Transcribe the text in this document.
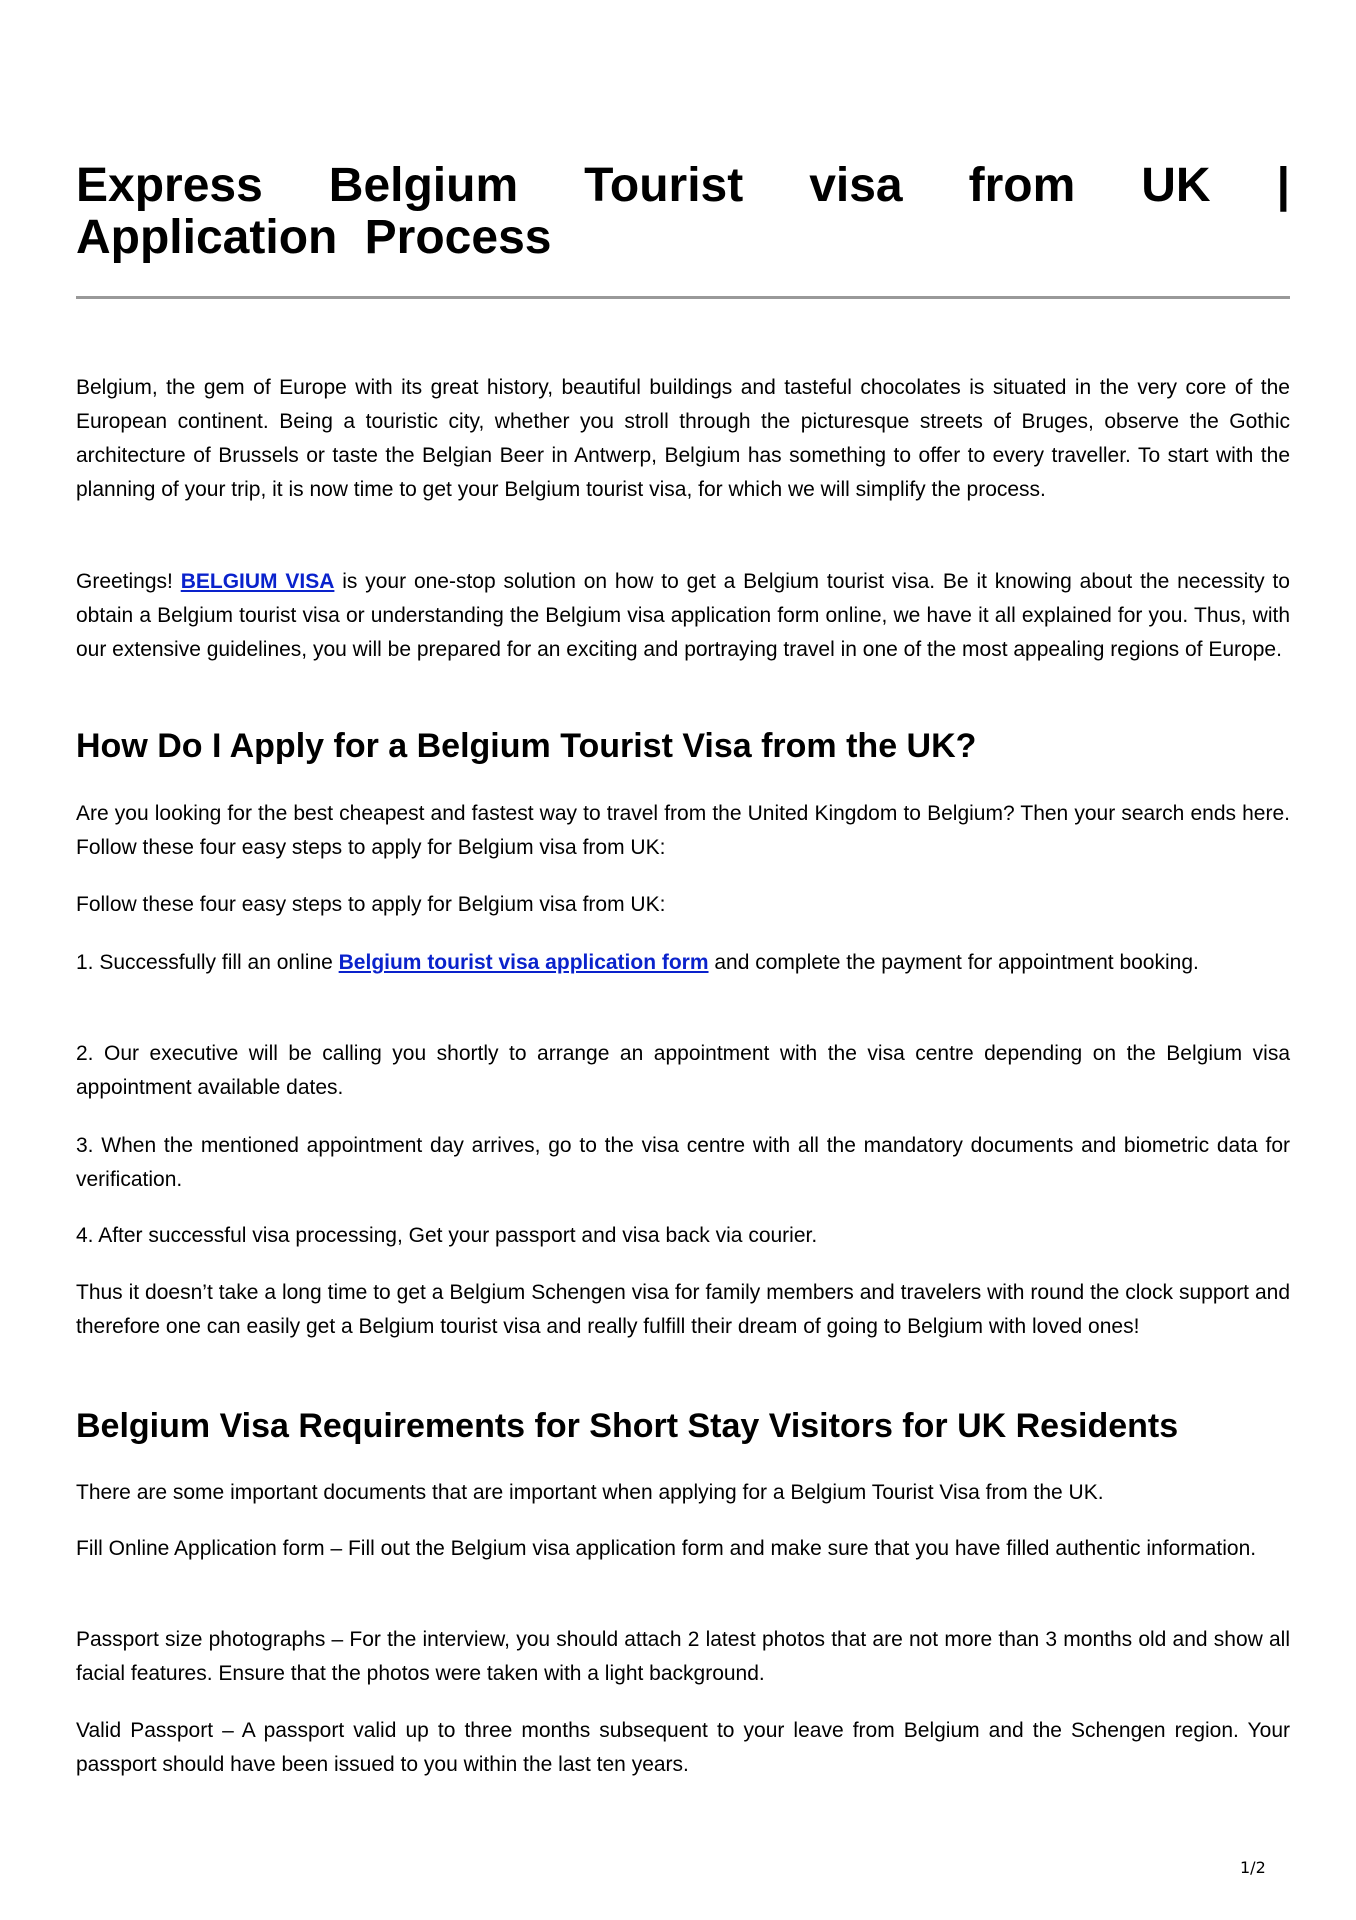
Express Belgium Tourist visa from UK | Application Process

Belgium, the gem of Europe with its great history, beautiful buildings and tasteful chocolates is situated in the very core of the European continent. Being a touristic city, whether you stroll through the picturesque streets of Bruges, observe the Gothic architecture of Brussels or taste the Belgian Beer in Antwerp, Belgium has something to offer to every traveller. To start with the planning of your trip, it is now time to get your Belgium tourist visa, for which we will simplify the process.

Greetings! BELGIUM VISA is your one-stop solution on how to get a Belgium tourist visa. Be it knowing about the necessity to obtain a Belgium tourist visa or understanding the Belgium visa application form online, we have it all explained for you. Thus, with our extensive guidelines, you will be prepared for an exciting and portraying travel in one of the most appealing regions of Europe.

How Do I Apply for a Belgium Tourist Visa from the UK?

Are you looking for the best cheapest and fastest way to travel from the United Kingdom to Belgium? Then your search ends here. Follow these four easy steps to apply for Belgium visa from UK:

Follow these four easy steps to apply for Belgium visa from UK:

1. Successfully fill an online Belgium tourist visa application form and complete the payment for appointment booking.

2. Our executive will be calling you shortly to arrange an appointment with the visa centre depending on the Belgium visa appointment available dates.

3. When the mentioned appointment day arrives, go to the visa centre with all the mandatory documents and biometric data for verification.

4. After successful visa processing, Get your passport and visa back via courier.

Thus it doesn’t take a long time to get a Belgium Schengen visa for family members and travelers with round the clock support and therefore one can easily get a Belgium tourist visa and really fulfill their dream of going to Belgium with loved ones!

Belgium Visa Requirements for Short Stay Visitors for UK Residents

There are some important documents that are important when applying for a Belgium Tourist Visa from the UK.

Fill Online Application form – Fill out the Belgium visa application form and make sure that you have filled authentic information.

Passport size photographs – For the interview, you should attach 2 latest photos that are not more than 3 months old and show all facial features. Ensure that the photos were taken with a light background.

Valid Passport – A passport valid up to three months subsequent to your leave from Belgium and the Schengen region. Your passport should have been issued to you within the last ten years.

1/2
